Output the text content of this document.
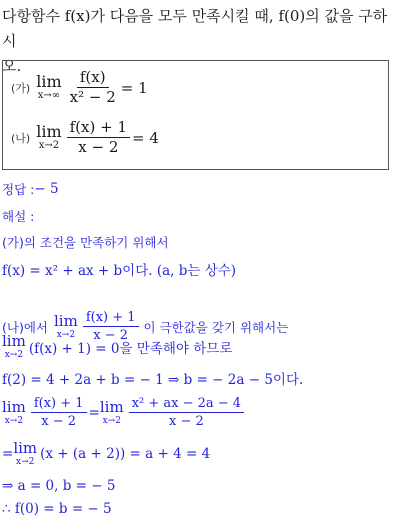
다항함수 f(x)가 다음을 모두 만족시킬 때, f(0)의 값을 구하시
오.
(가) lim
$x\to\infty \frac{f(x)}{\text{x² − 2}} = 1$
(나) lim
$x\to 2 \frac{f(x) + 1}{x - 2} = 4$
정답 : − 5
해설 :
(가)의 조건을 만족하기 위해서
f(x) = x² + ax + b이다. (a, b는 상수)
(나)에서 lim
$x\to 2 \frac{f(x) + 1}{x - 2}$ 이 극한값을 갖기 위해서는
lim
x→2 (f(x) + 1) = 0을 만족해야 하므로
f(2) = 4 + 2a + b = − 1 ⇒ b = − 2a − 5이다.
lim
$x\to 2 \frac{f(x) + 1}{x - 2} = \lim$
$x\to 2 \frac{\text{x² + ax − 2a − 4}}{x - 2}$
= lim
x→2 (x + (a + 2)) = a + 4 = 4
⇒ a = 0, b = − 5
∴ f(0) = b = − 5
